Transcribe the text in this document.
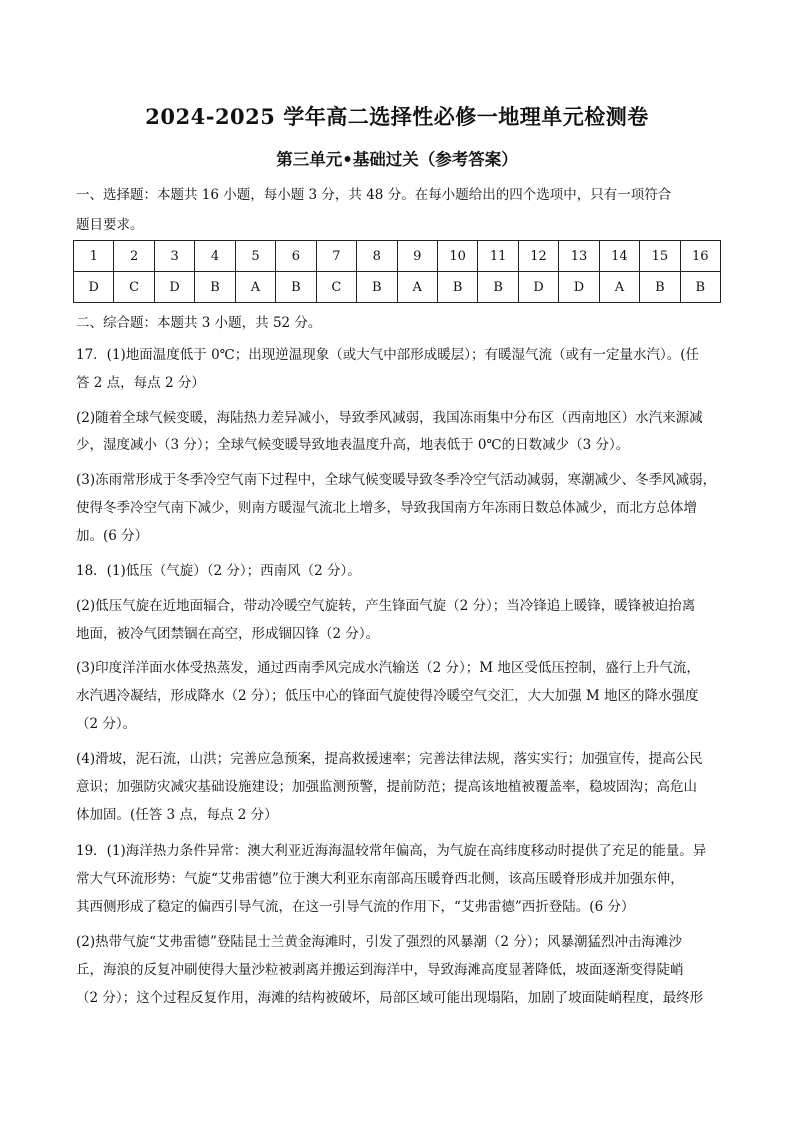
2024-2025 学年高二选择性必修一地理单元检测卷
第三单元•基础过关（参考答案）
一、选择题：本题共 16 小题，每小题 3 分，共 48 分。在每小题给出的四个选项中，只有一项符合
题目要求。
1	2	3	4	5	6	7	8	9	10	11	12	13	14	15	16
D	C	D	B	A	B	C	B	A	B	B	D	D	A	B	B
二、综合题：本题共 3 小题，共 52 分。
17．(1)地面温度低于 0℃；出现逆温现象（或大气中部形成暖层）；有暖湿气流（或有一定量水汽）。(任
答 2 点，每点 2 分）
(2)随着全球气候变暖，海陆热力差异减小，导致季风减弱，我国冻雨集中分布区（西南地区）水汽来源减
少，湿度减小（3 分）；全球气候变暖导致地表温度升高，地表低于 0℃的日数减少（3 分）。
(3)冻雨常形成于冬季冷空气南下过程中，全球气候变暖导致冬季冷空气活动减弱，寒潮减少、冬季风减弱，
使得冬季冷空气南下减少，则南方暖湿气流北上增多，导致我国南方年冻雨日数总体减少，而北方总体增
加。(6 分）
18．(1)低压（气旋）（2 分）；西南风（2 分）。
(2)低压气旋在近地面辐合，带动冷暖空气旋转，产生锋面气旋（2 分）；当冷锋追上暖锋，暖锋被迫抬离
地面，被冷气团禁锢在高空，形成锢囚锋（2 分）。
(3)印度洋洋面水体受热蒸发，通过西南季风完成水汽输送（2 分）；M 地区受低压控制，盛行上升气流，
水汽遇冷凝结，形成降水（2 分）；低压中心的锋面气旋使得冷暖空气交汇，大大加强 M 地区的降水强度
（2 分）。
(4)滑坡，泥石流，山洪；完善应急预案，提高救援速率；完善法律法规，落实实行；加强宣传，提高公民
意识；加强防灾减灾基础设施建设；加强监测预警，提前防范；提高该地植被覆盖率，稳坡固沟；高危山
体加固。(任答 3 点，每点 2 分）
19．(1)海洋热力条件异常：澳大利亚近海海温较常年偏高，为气旋在高纬度移动时提供了充足的能量。异
常大气环流形势：气旋“艾弗雷德”位于澳大利亚东南部高压暖脊西北侧，该高压暖脊形成并加强东伸，
其西侧形成了稳定的偏西引导气流，在这一引导气流的作用下，“艾弗雷德”西折登陆。(6 分）
(2)热带气旋“艾弗雷德”登陆昆士兰黄金海滩时，引发了强烈的风暴潮（2 分）；风暴潮猛烈冲击海滩沙
丘，海浪的反复冲刷使得大量沙粒被剥离并搬运到海洋中，导致海滩高度显著降低，坡面逐渐变得陡峭
（2 分）；这个过程反复作用，海滩的结构被破坏，局部区域可能出现塌陷，加剧了坡面陡峭程度，最终形
